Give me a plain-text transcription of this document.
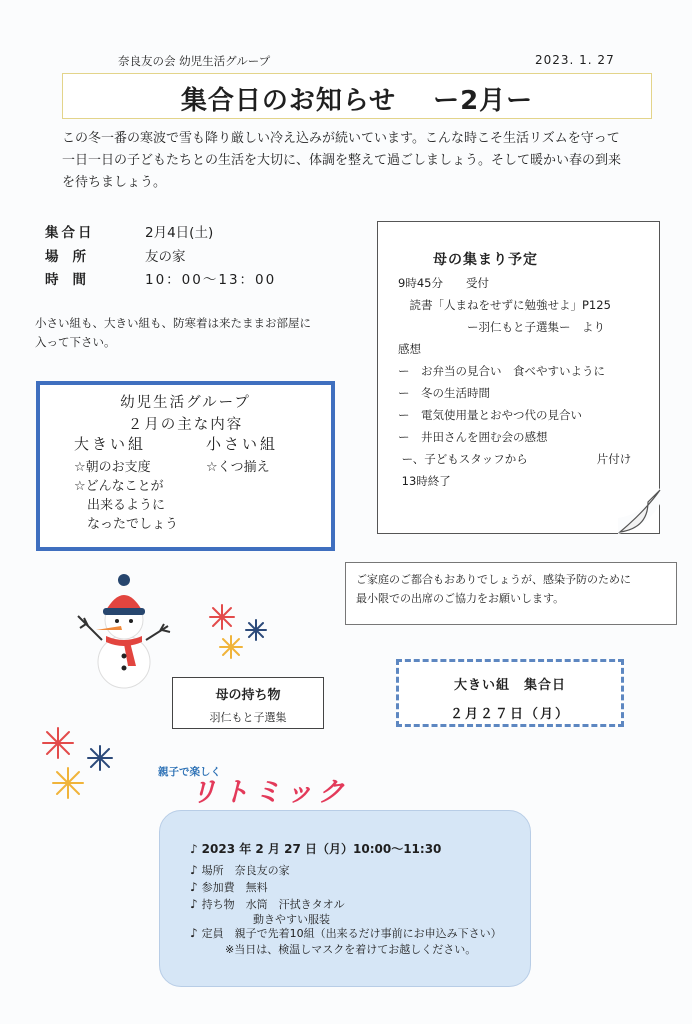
奈良友の会 幼児生活グループ	2023. 1. 27
集合日のお知らせ　 ー2月ー
この冬一番の寒波で雪も降り厳しい冷え込みが続いています。こんな時こそ生活リズムを守って
一日一日の子どもたちとの生活を大切に、体調を整えて過ごしましょう。そして暖かい春の到来
を待ちましょう。
集合日	2月4日(土)
場所	友の家
時間	10：00〜13：00
小さい組も、大きい組も、防寒着は来たままお部屋に
入って下さい。
幼児生活グループ
２月の主な内容
大きい組
☆朝のお支度
☆どんなことが
　出来るように
　なったでしょう
小さい組
☆くつ揃え
母の集まり予定
9時45分　　受付
　読書「人まねをせずに勉強せよ」P125
　　　　　　ー羽仁もと子選集ー　より
感想
ー　お弁当の見合い　食べやすいように
ー　冬の生活時間
ー　電気使用量とおやつ代の見合い
ー　井田さんを囲む会の感想
ー、子どもスタッフから　　　　　　片付け
13時終了
ご家庭のご都合もおありでしょうが、感染予防のために
最小限での出席のご協力をお願いします。
母の持ち物
羽仁もと子選集
大きい組　集合日
２月２７日（月）
親子で楽しく
リトミック
♪ 2023 年 2 月 27 日（月）10:00〜11:30
♪ 場所　奈良友の家
♪ 参加費　無料
♪ 持ち物　水筒　汗拭きタオル
動きやすい服装
♪ 定員　親子で先着10組（出来るだけ事前にお申込み下さい）
※当日は、検温しマスクを着けてお越しください。
